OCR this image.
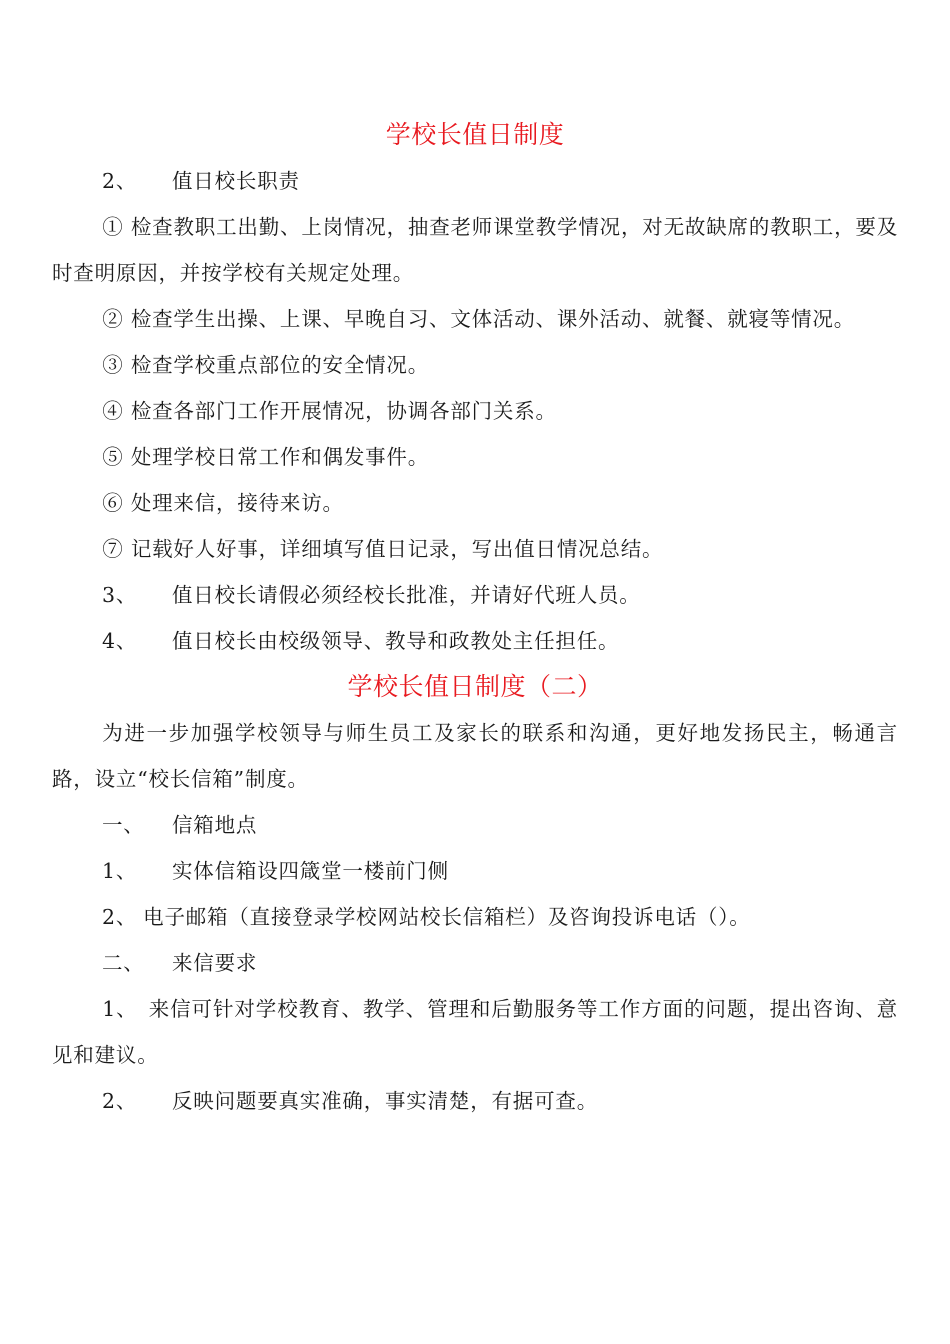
学校长值日制度
2、 值日校长职责
① 检查教职工出勤、上岗情况，抽查老师课堂教学情况，对无故缺席的教职工，要及时查明原因，并按学校有关规定处理。
② 检查学生出操、上课、早晚自习、文体活动、课外活动、就餐、就寝等情况。
③ 检查学校重点部位的安全情况。
④ 检查各部门工作开展情况，协调各部门关系。
⑤ 处理学校日常工作和偶发事件。
⑥ 处理来信，接待来访。
⑦ 记载好人好事，详细填写值日记录，写出值日情况总结。
3、 值日校长请假必须经校长批准，并请好代班人员。
4、 值日校长由校级领导、教导和政教处主任担任。
学校长值日制度（二）
为进一步加强学校领导与师生员工及家长的联系和沟通，更好地发扬民主，畅通言路，设立“校长信箱”制度。
一、 信箱地点
1、 实体信箱设四箴堂一楼前门侧
2、 电子邮箱（直接登录学校网站校长信箱栏）及咨询投诉电话（）。
二、 来信要求
1、　来信可针对学校教育、教学、管理和后勤服务等工作方面的问题，提出咨询、意见和建议。
2、 反映问题要真实准确，事实清楚，有据可查。
